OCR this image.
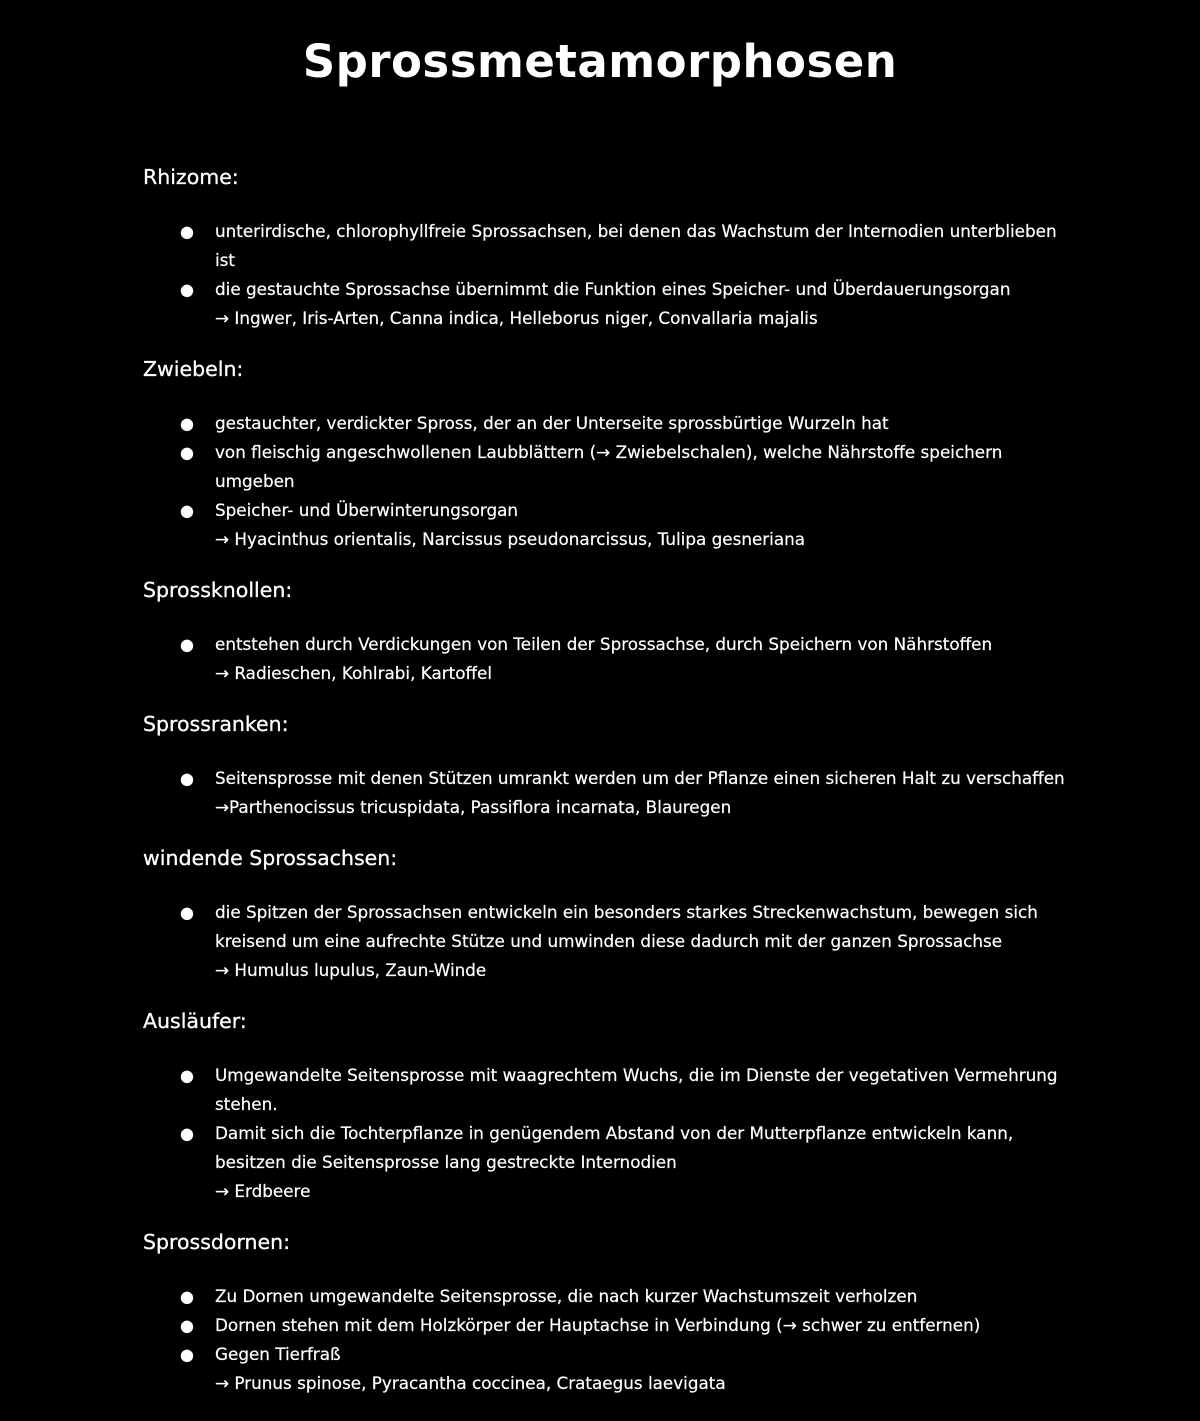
Sprossmetamorphosen
Rhizome:
● unterirdische, chlorophyllfreie Sprossachsen, bei denen das Wachstum der Internodien unterblieben ist
● die gestauchte Sprossachse übernimmt die Funktion eines Speicher- und Überdauerungsorgan
→ Ingwer, Iris-Arten, Canna indica, Helleborus niger, Convallaria majalis
Zwiebeln:
● gestauchter, verdickter Spross, der an der Unterseite sprossbürtige Wurzeln hat
● von fleischig angeschwollenen Laubblättern (→ Zwiebelschalen), welche Nährstoffe speichern umgeben
● Speicher- und Überwinterungsorgan
→ Hyacinthus orientalis, Narcissus pseudonarcissus, Tulipa gesneriana
Sprossknollen:
● entstehen durch Verdickungen von Teilen der Sprossachse, durch Speichern von Nährstoffen
→ Radieschen, Kohlrabi, Kartoffel
Sprossranken:
● Seitensprosse mit denen Stützen umrankt werden um der Pflanze einen sicheren Halt zu verschaffen
→Parthenocissus tricuspidata, Passiflora incarnata, Blauregen
windende Sprossachsen:
● die Spitzen der Sprossachsen entwickeln ein besonders starkes Streckenwachstum, bewegen sich kreisend um eine aufrechte Stütze und umwinden diese dadurch mit der ganzen Sprossachse
→ Humulus lupulus, Zaun-Winde
Ausläufer:
● Umgewandelte Seitensprosse mit waagrechtem Wuchs, die im Dienste der vegetativen Vermehrung stehen.
● Damit sich die Tochterpflanze in genügendem Abstand von der Mutterpflanze entwickeln kann, besitzen die Seitensprosse lang gestreckte Internodien
→ Erdbeere
Sprossdornen:
● Zu Dornen umgewandelte Seitensprosse, die nach kurzer Wachstumszeit verholzen
● Dornen stehen mit dem Holzkörper der Hauptachse in Verbindung (→ schwer zu entfernen)
● Gegen Tierfraß
→ Prunus spinose, Pyracantha coccinea, Crataegus laevigata
